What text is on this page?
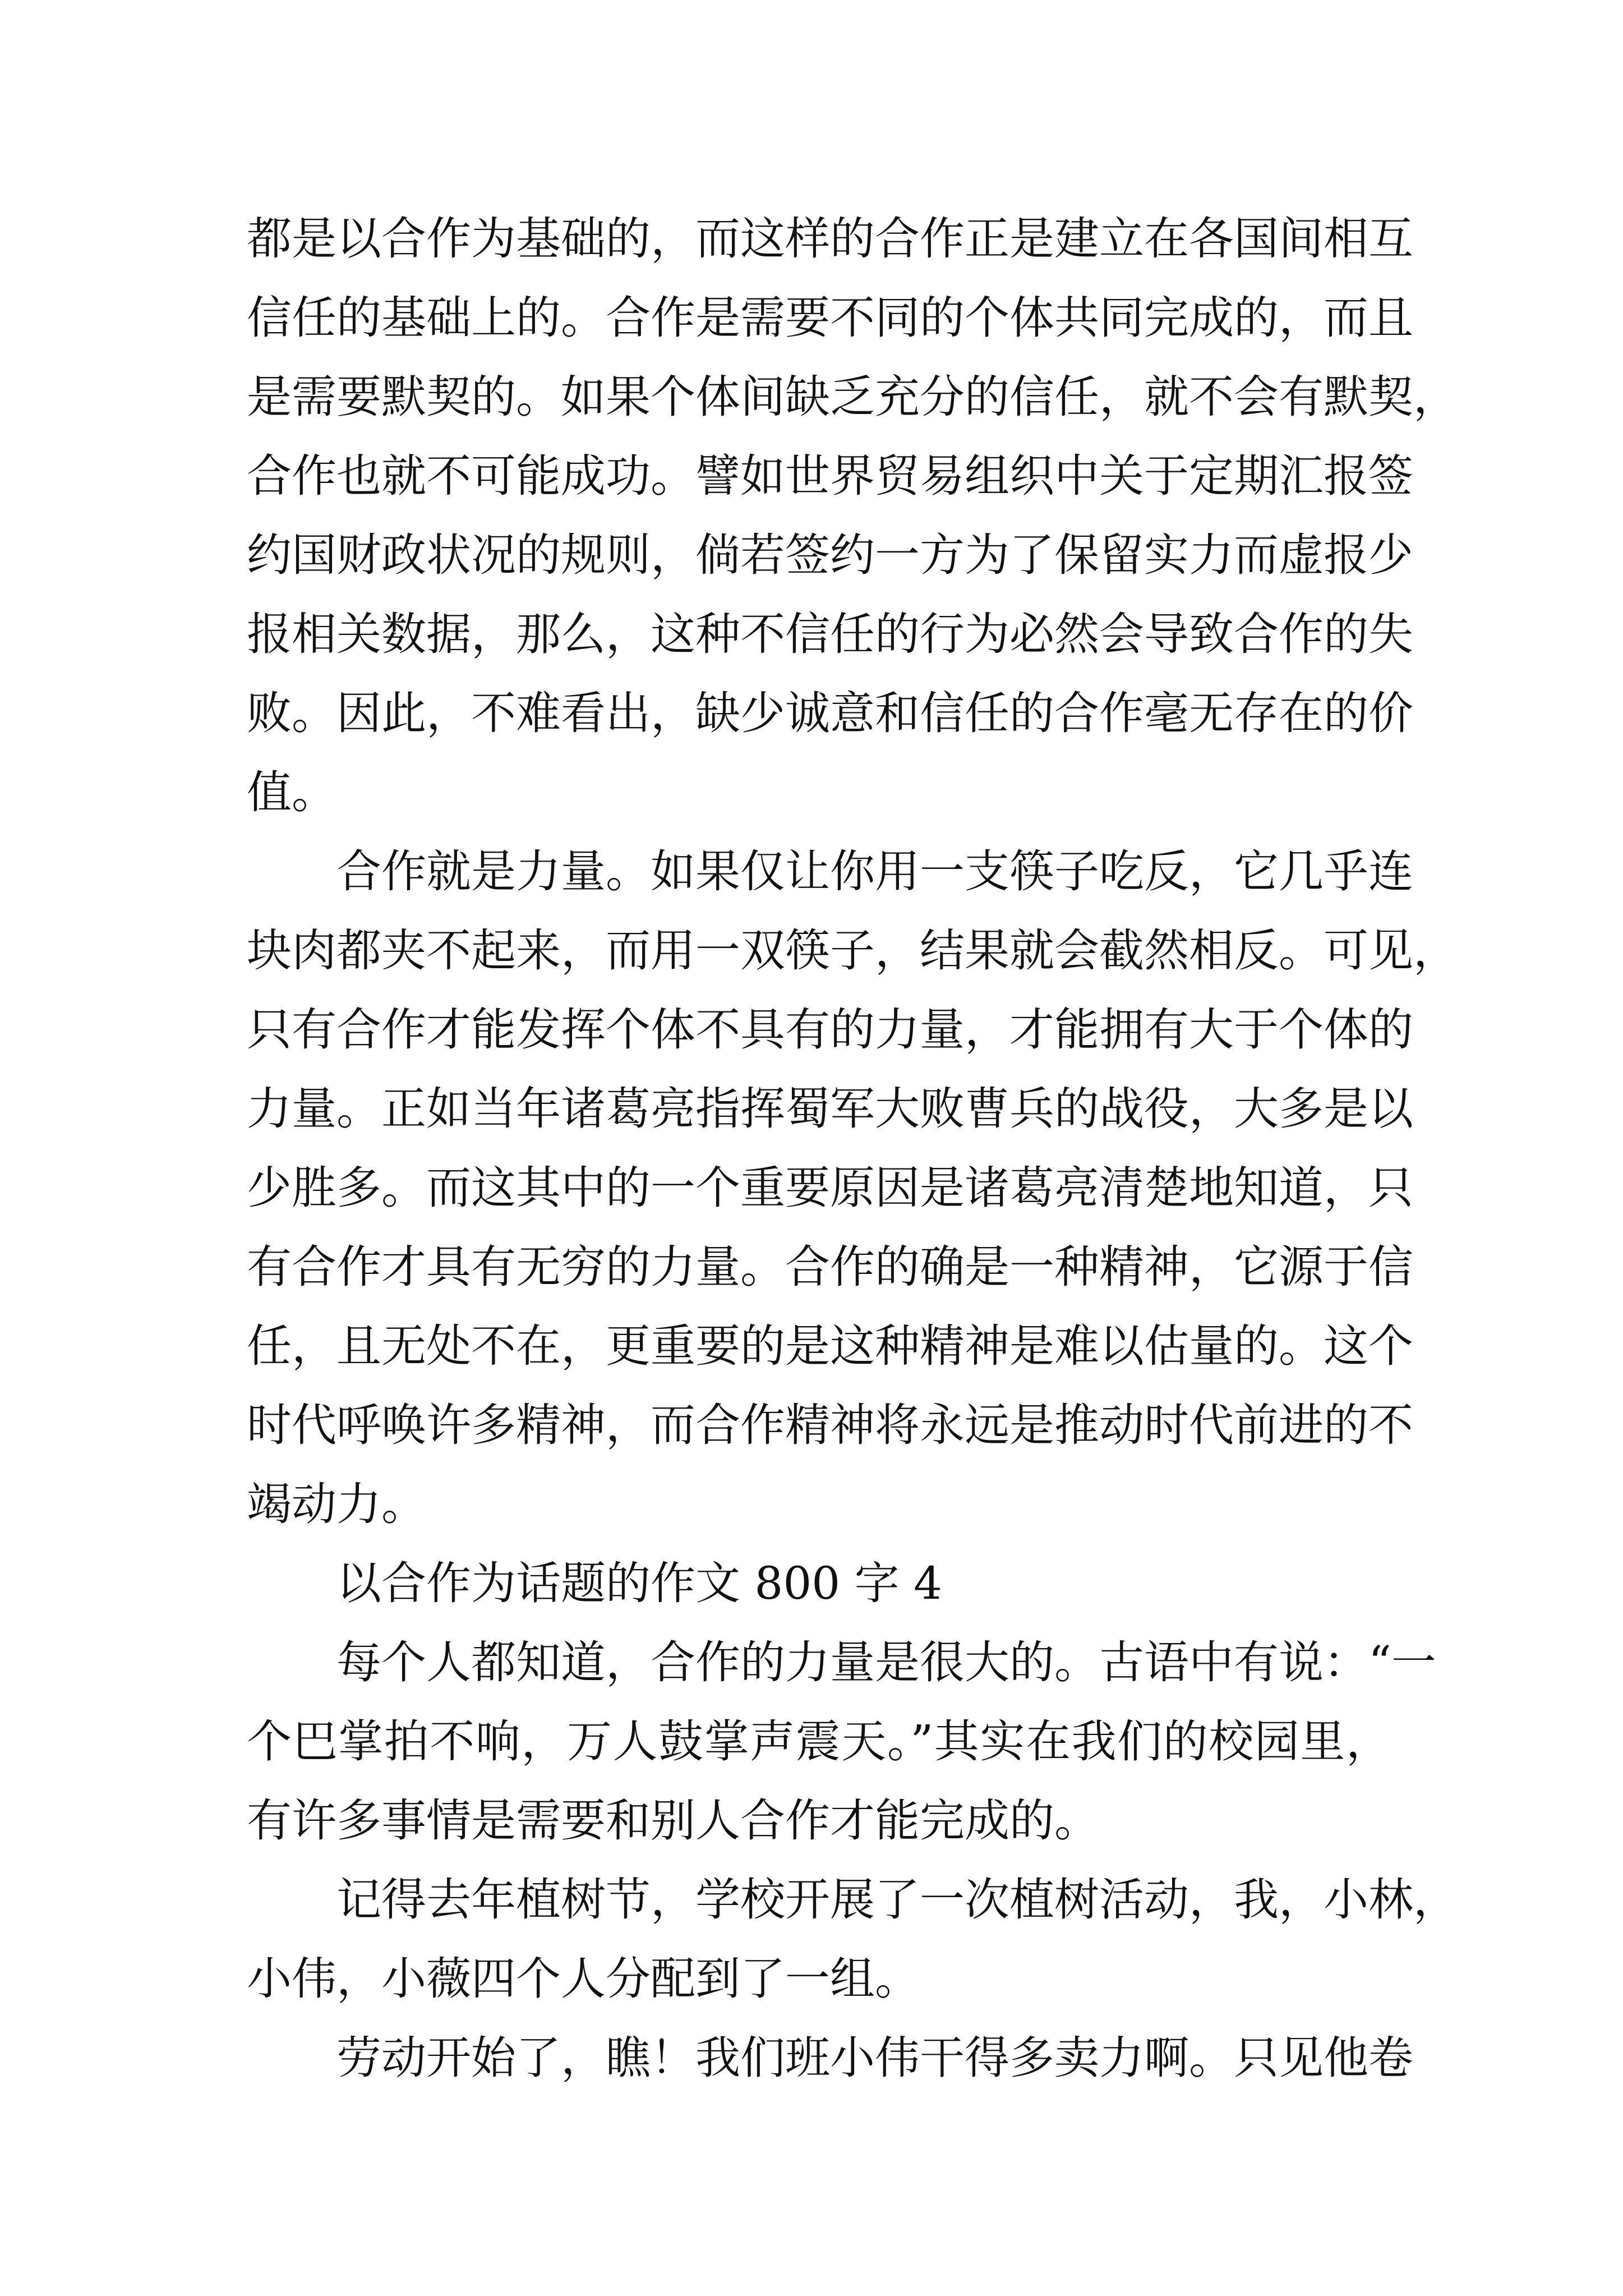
都是以合作为基础的，而这样的合作正是建立在各国间相互
信任的基础上的。合作是需要不同的个体共同完成的，而且
是需要默契的。如果个体间缺乏充分的信任，就不会有默契，
合作也就不可能成功。譬如世界贸易组织中关于定期汇报签
约国财政状况的规则，倘若签约一方为了保留实力而虚报少
报相关数据，那么，这种不信任的行为必然会导致合作的失
败。因此，不难看出，缺少诚意和信任的合作毫无存在的价
值。
合作就是力量。如果仅让你用一支筷子吃反，它几乎连
块肉都夹不起来，而用一双筷子，结果就会截然相反。可见，
只有合作才能发挥个体不具有的力量，才能拥有大于个体的
力量。正如当年诸葛亮指挥蜀军大败曹兵的战役，大多是以
少胜多。而这其中的一个重要原因是诸葛亮清楚地知道，只
有合作才具有无穷的力量。合作的确是一种精神，它源于信
任，且无处不在，更重要的是这种精神是难以估量的。这个
时代呼唤许多精神，而合作精神将永远是推动时代前进的不
竭动力。
以合作为话题的作文 800 字 4
每个人都知道，合作的力量是很大的。古语中有说：“一
个巴掌拍不响，万人鼓掌声震天。”其实在我们的校园里，
有许多事情是需要和别人合作才能完成的。
记得去年植树节，学校开展了一次植树活动，我，小林，
小伟，小薇四个人分配到了一组。
劳动开始了，瞧！我们班小伟干得多卖力啊。只见他卷
